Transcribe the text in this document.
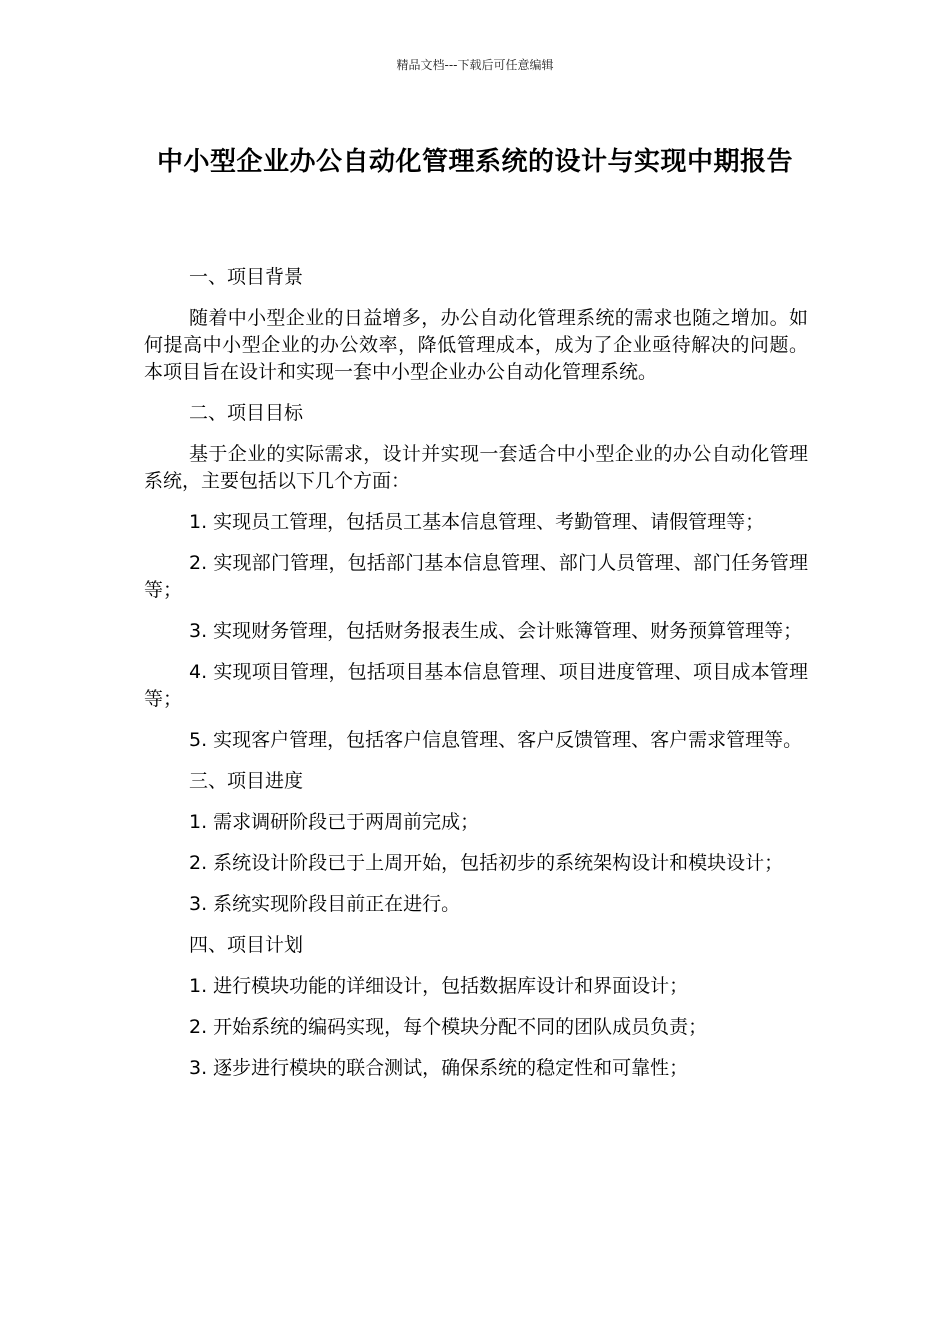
精品文档---下载后可任意编辑
中小型企业办公自动化管理系统的设计与实现中期报告
一、项目背景
随着中小型企业的日益增多，办公自动化管理系统的需求也随之增加。如何提高中小型企业的办公效率，降低管理成本，成为了企业亟待解决的问题。本项目旨在设计和实现一套中小型企业办公自动化管理系统。
二、项目目标
基于企业的实际需求，设计并实现一套适合中小型企业的办公自动化管理系统，主要包括以下几个方面：
1. 实现员工管理，包括员工基本信息管理、考勤管理、请假管理等；
2. 实现部门管理，包括部门基本信息管理、部门人员管理、部门任务管理等；
3. 实现财务管理，包括财务报表生成、会计账簿管理、财务预算管理等；
4. 实现项目管理，包括项目基本信息管理、项目进度管理、项目成本管理等；
5. 实现客户管理，包括客户信息管理、客户反馈管理、客户需求管理等。
三、项目进度
1. 需求调研阶段已于两周前完成；
2. 系统设计阶段已于上周开始，包括初步的系统架构设计和模块设计；
3. 系统实现阶段目前正在进行。
四、项目计划
1. 进行模块功能的详细设计，包括数据库设计和界面设计；
2. 开始系统的编码实现，每个模块分配不同的团队成员负责；
3. 逐步进行模块的联合测试，确保系统的稳定性和可靠性；
